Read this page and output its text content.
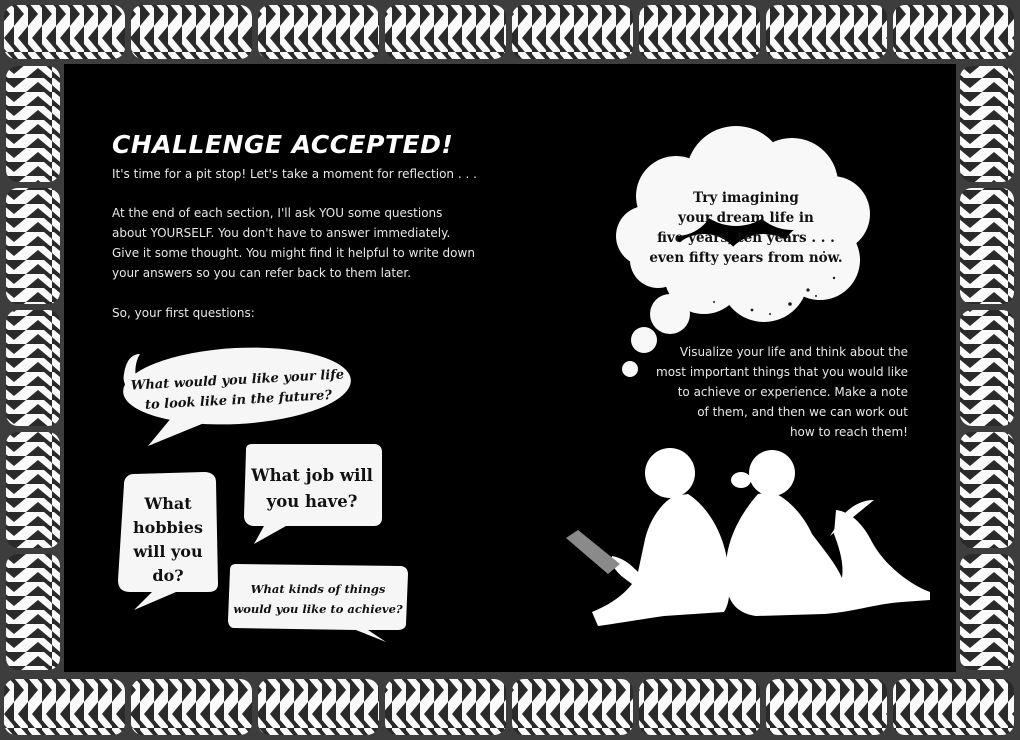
CHALLENGE ACCEPTED!

It's time for a pit stop! Let's take a moment for reflection . . .

At the end of each section, I'll ask YOU some questions

about YOURSELF. You don't have to answer immediately.

Give it some thought. You might find it helpful to write down

your answers so you can refer back to them later.

So, your first questions:

What would you like your life
to look like in the future?
What job will
you have?
What
hobbies
will you
do?
What kinds of things
would you like to achieve?
Try imagining
your dream life in
five years, ten years . . .
even fifty years from now.

Visualize your life and think about the

most important things that you would like

to achieve or experience. Make a note

of them, and then we can work out

how to reach them!
